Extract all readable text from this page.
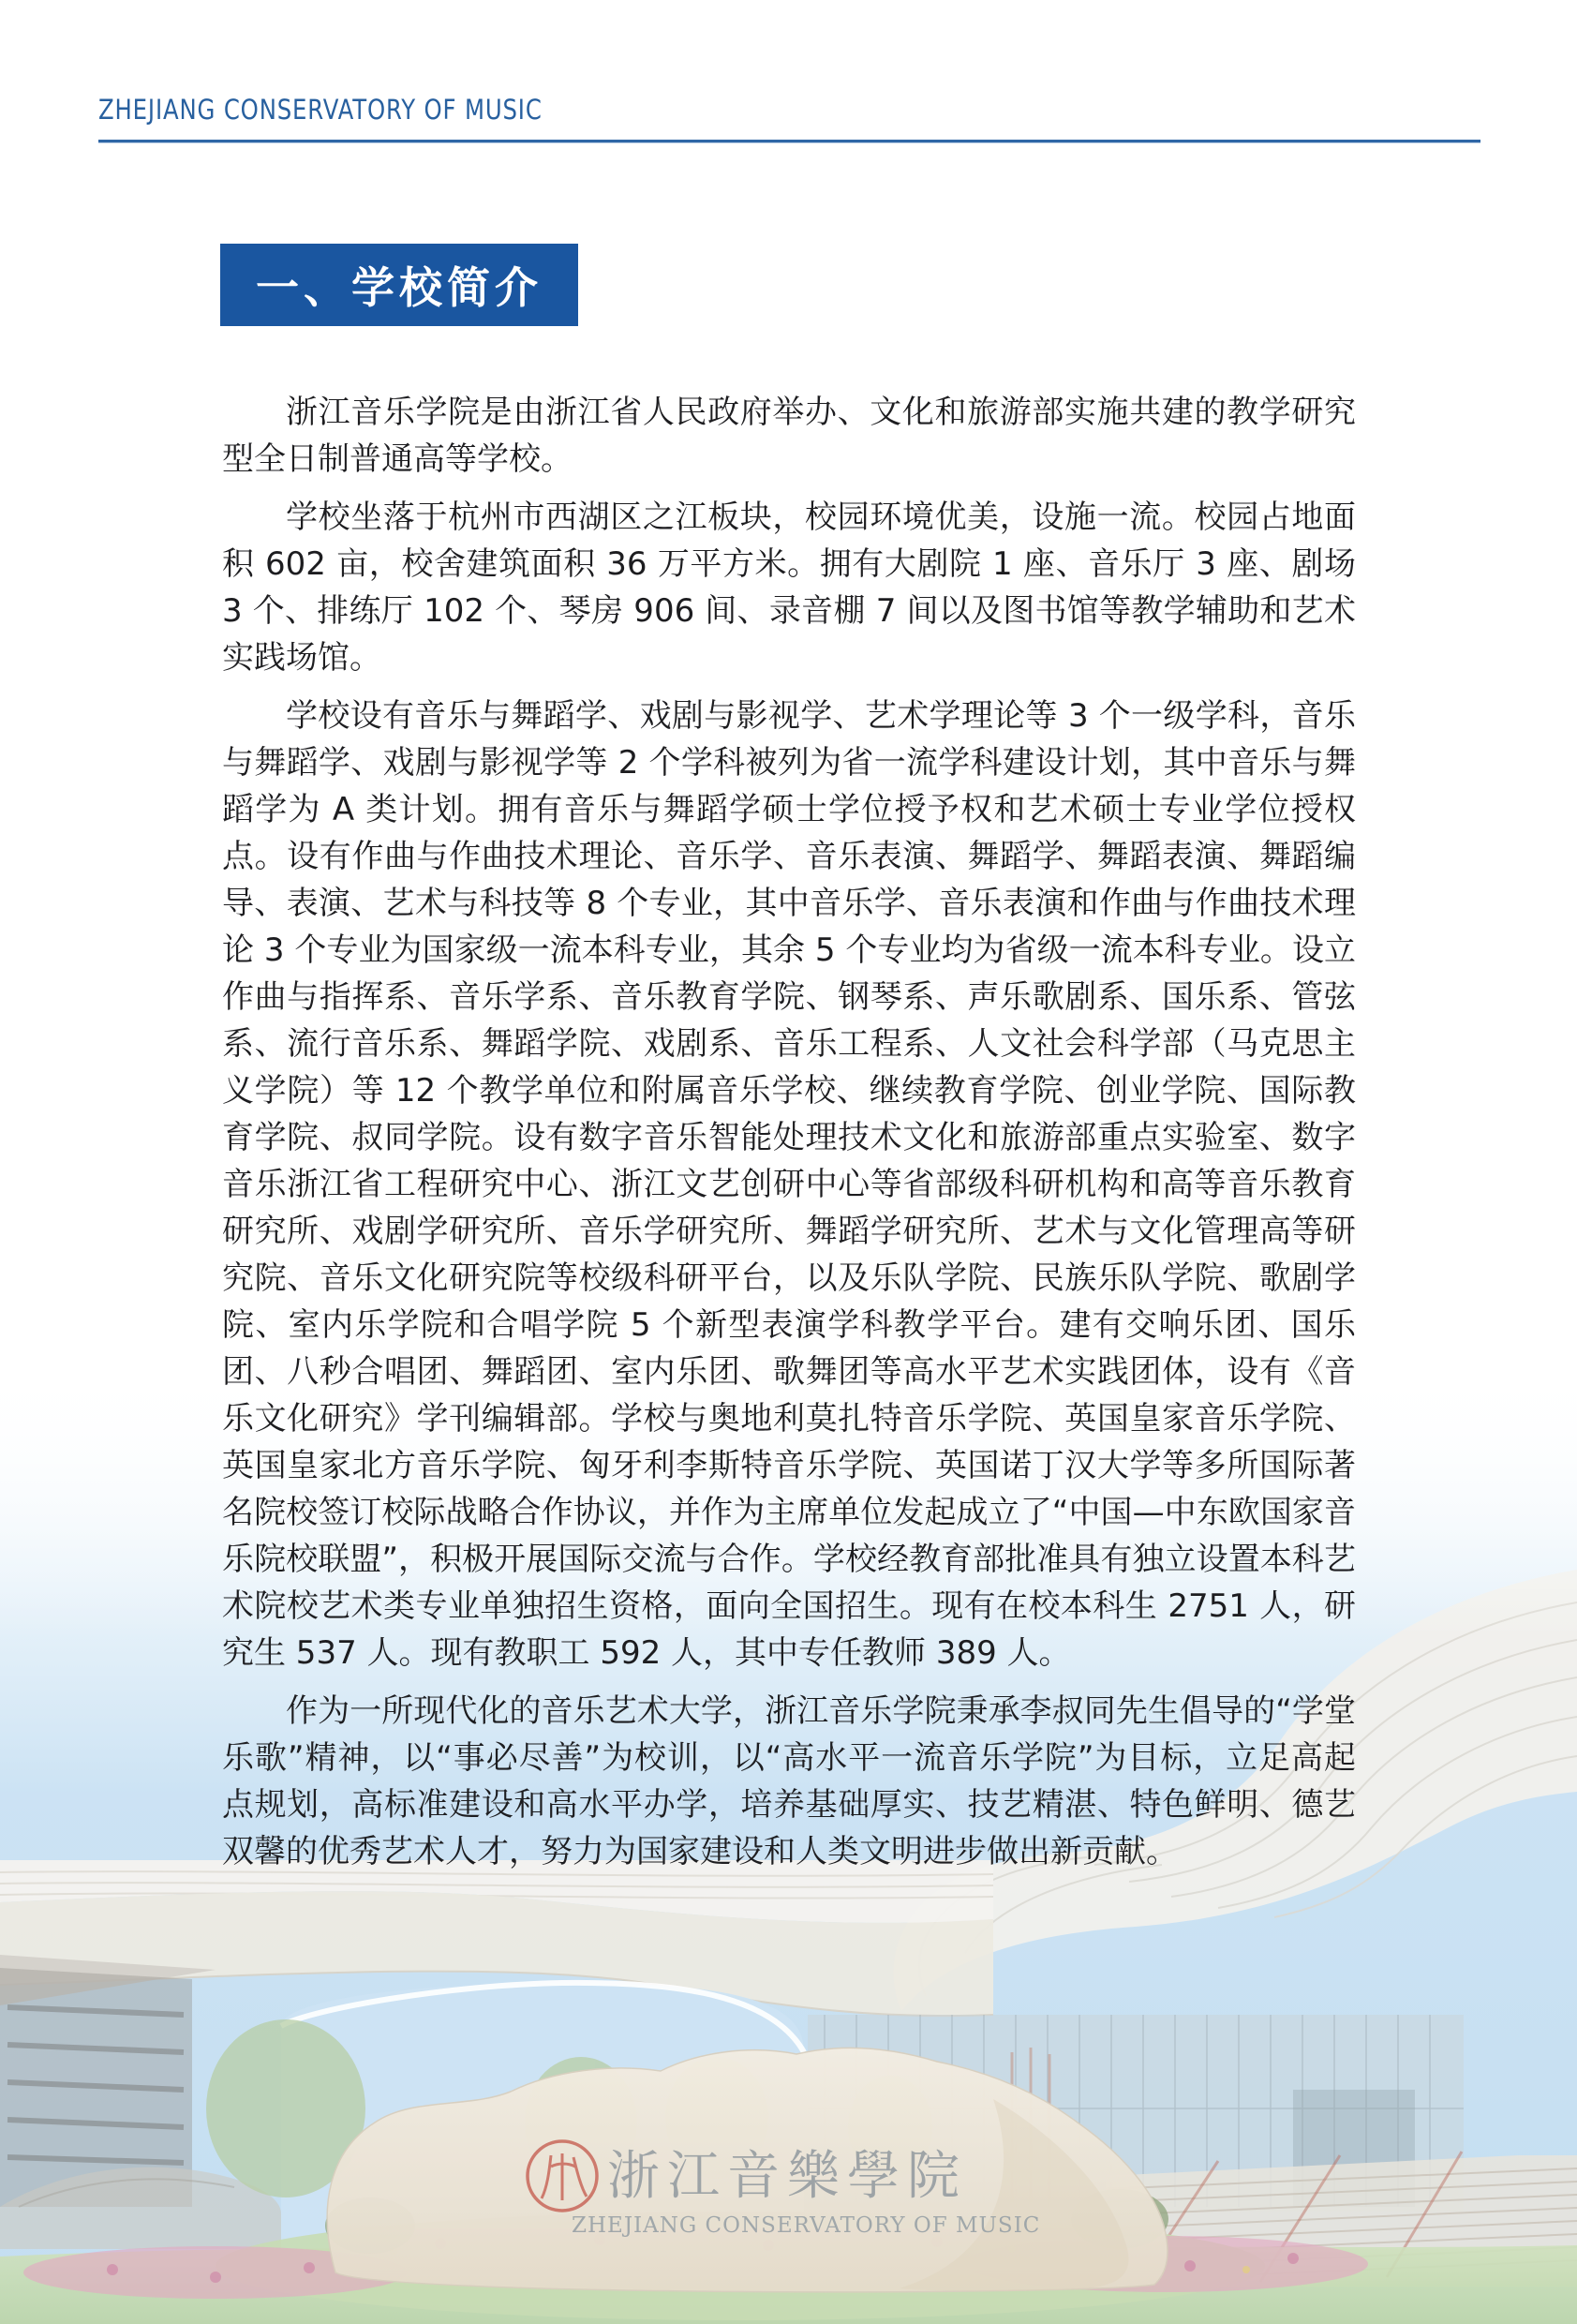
ZHEJIANG CONSERVATORY OF MUSIC
一、学校简介

浙江音乐学院是由浙江省人民政府举办、文化和旅游部实施共建的教学研究型全日制普通高等学校。

学校坐落于杭州市西湖区之江板块，校园环境优美，设施一流。校园占地面积 602 亩，校舍建筑面积 36 万平方米。拥有大剧院 1 座、音乐厅 3 座、剧场 3 个、排练厅 102 个、琴房 906 间、录音棚 7 间以及图书馆等教学辅助和艺术实践场馆。

学校设有音乐与舞蹈学、戏剧与影视学、艺术学理论等 3 个一级学科，音乐与舞蹈学、戏剧与影视学等 2 个学科被列为省一流学科建设计划，其中音乐与舞蹈学为 A 类计划。拥有音乐与舞蹈学硕士学位授予权和艺术硕士专业学位授权点。设有作曲与作曲技术理论、音乐学、音乐表演、舞蹈学、舞蹈表演、舞蹈编导、表演、艺术与科技等 8 个专业，其中音乐学、音乐表演和作曲与作曲技术理论 3 个专业为国家级一流本科专业，其余 5 个专业均为省级一流本科专业。设立作曲与指挥系、音乐学系、音乐教育学院、钢琴系、声乐歌剧系、国乐系、管弦系、流行音乐系、舞蹈学院、戏剧系、音乐工程系、人文社会科学部（马克思主义学院）等 12 个教学单位和附属音乐学校、继续教育学院、创业学院、国际教育学院、叔同学院。设有数字音乐智能处理技术文化和旅游部重点实验室、数字音乐浙江省工程研究中心、浙江文艺创研中心等省部级科研机构和高等音乐教育研究所、戏剧学研究所、音乐学研究所、舞蹈学研究所、艺术与文化管理高等研究院、音乐文化研究院等校级科研平台，以及乐队学院、民族乐队学院、歌剧学院、室内乐学院和合唱学院 5 个新型表演学科教学平台。建有交响乐团、国乐团、八秒合唱团、舞蹈团、室内乐团、歌舞团等高水平艺术实践团体，设有《音乐文化研究》学刊编辑部。学校与奥地利莫扎特音乐学院、英国皇家音乐学院、英国皇家北方音乐学院、匈牙利李斯特音乐学院、英国诺丁汉大学等多所国际著名院校签订校际战略合作协议，并作为主席单位发起成立了“中国—中东欧国家音乐院校联盟”，积极开展国际交流与合作。学校经教育部批准具有独立设置本科艺术院校艺术类专业单独招生资格，面向全国招生。现有在校本科生 2751 人，研究生 537 人。现有教职工 592 人，其中专任教师 389 人。

作为一所现代化的音乐艺术大学，浙江音乐学院秉承李叔同先生倡导的“学堂乐歌”精神，以“事必尽善”为校训，以“高水平一流音乐学院”为目标，立足高起点规划，高标准建设和高水平办学，培养基础厚实、技艺精湛、特色鲜明、德艺双馨的优秀艺术人才，努力为国家建设和人类文明进步做出新贡献。

浙江音樂學院
ZHEJIANG CONSERVATORY OF MUSIC
